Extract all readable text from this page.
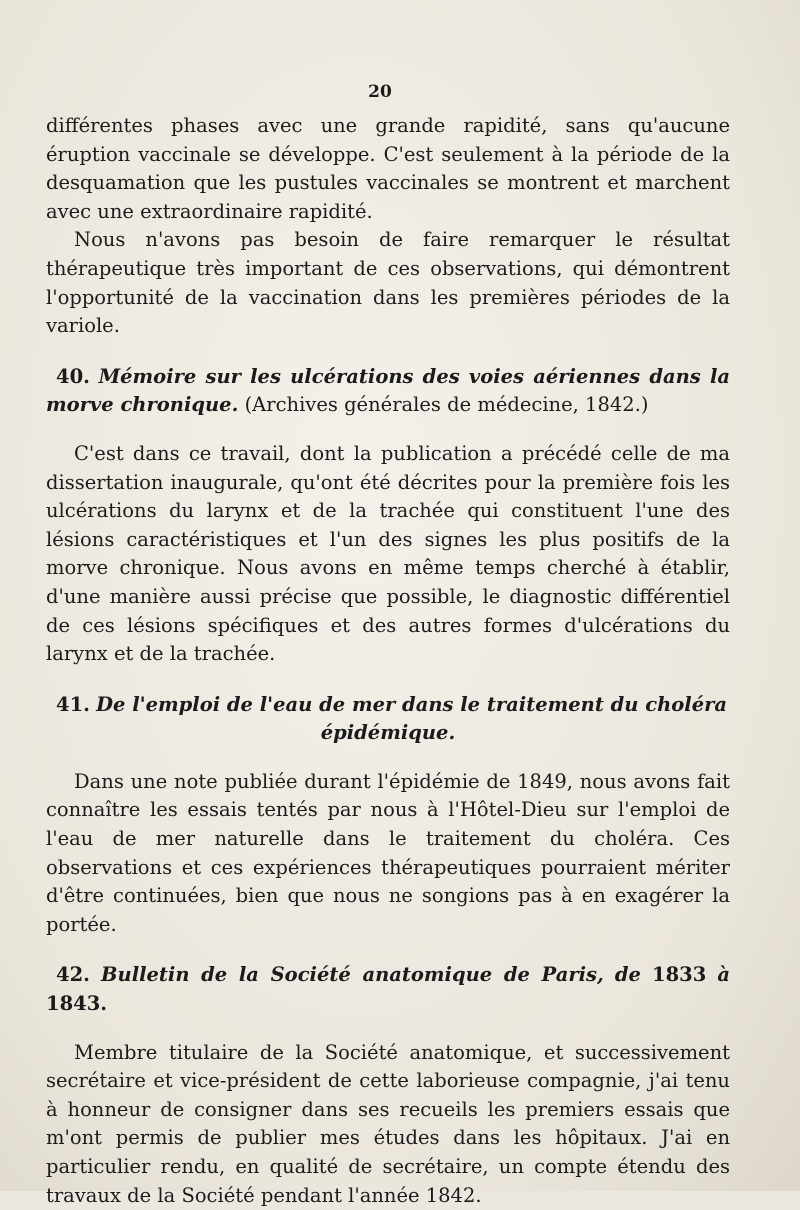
20

différentes phases avec une grande rapidité, sans qu'aucune éruption vaccinale se développe. C'est seulement à la période de la desquamation que les pustules vaccinales se montrent et marchent avec une extraordinaire rapidité.

Nous n'avons pas besoin de faire remarquer le résultat thérapeutique très important de ces observations, qui démontrent l'opportunité de la vaccination dans les premières périodes de la variole.

40. Mémoire sur les ulcérations des voies aériennes dans la morve chronique. (Archives générales de médecine, 1842.)

C'est dans ce travail, dont la publication a précédé celle de ma dissertation inaugurale, qu'ont été décrites pour la première fois les ulcérations du larynx et de la trachée qui constituent l'une des lésions caractéristiques et l'un des signes les plus positifs de la morve chronique. Nous avons en même temps cherché à établir, d'une manière aussi précise que possible, le diagnostic différentiel de ces lésions spécifiques et des autres formes d'ulcérations du larynx et de la trachée.

41. De l'emploi de l'eau de mer dans le traitement du choléra

épidémique.

Dans une note publiée durant l'épidémie de 1849, nous avons fait connaître les essais tentés par nous à l'Hôtel-Dieu sur l'emploi de l'eau de mer naturelle dans le traitement du choléra. Ces observations et ces expériences thérapeutiques pourraient mériter d'être continuées, bien que nous ne songions pas à en exagérer la portée.

42. Bulletin de la Société anatomique de Paris, de 1833 à 1843.

Membre titulaire de la Société anatomique, et successivement secrétaire et vice-président de cette laborieuse compagnie, j'ai tenu à honneur de consigner dans ses recueils les premiers essais que m'ont permis de publier mes études dans les hôpitaux. J'ai en particulier rendu, en qualité de secrétaire, un compte étendu des travaux de la Société pendant l'année 1842.
